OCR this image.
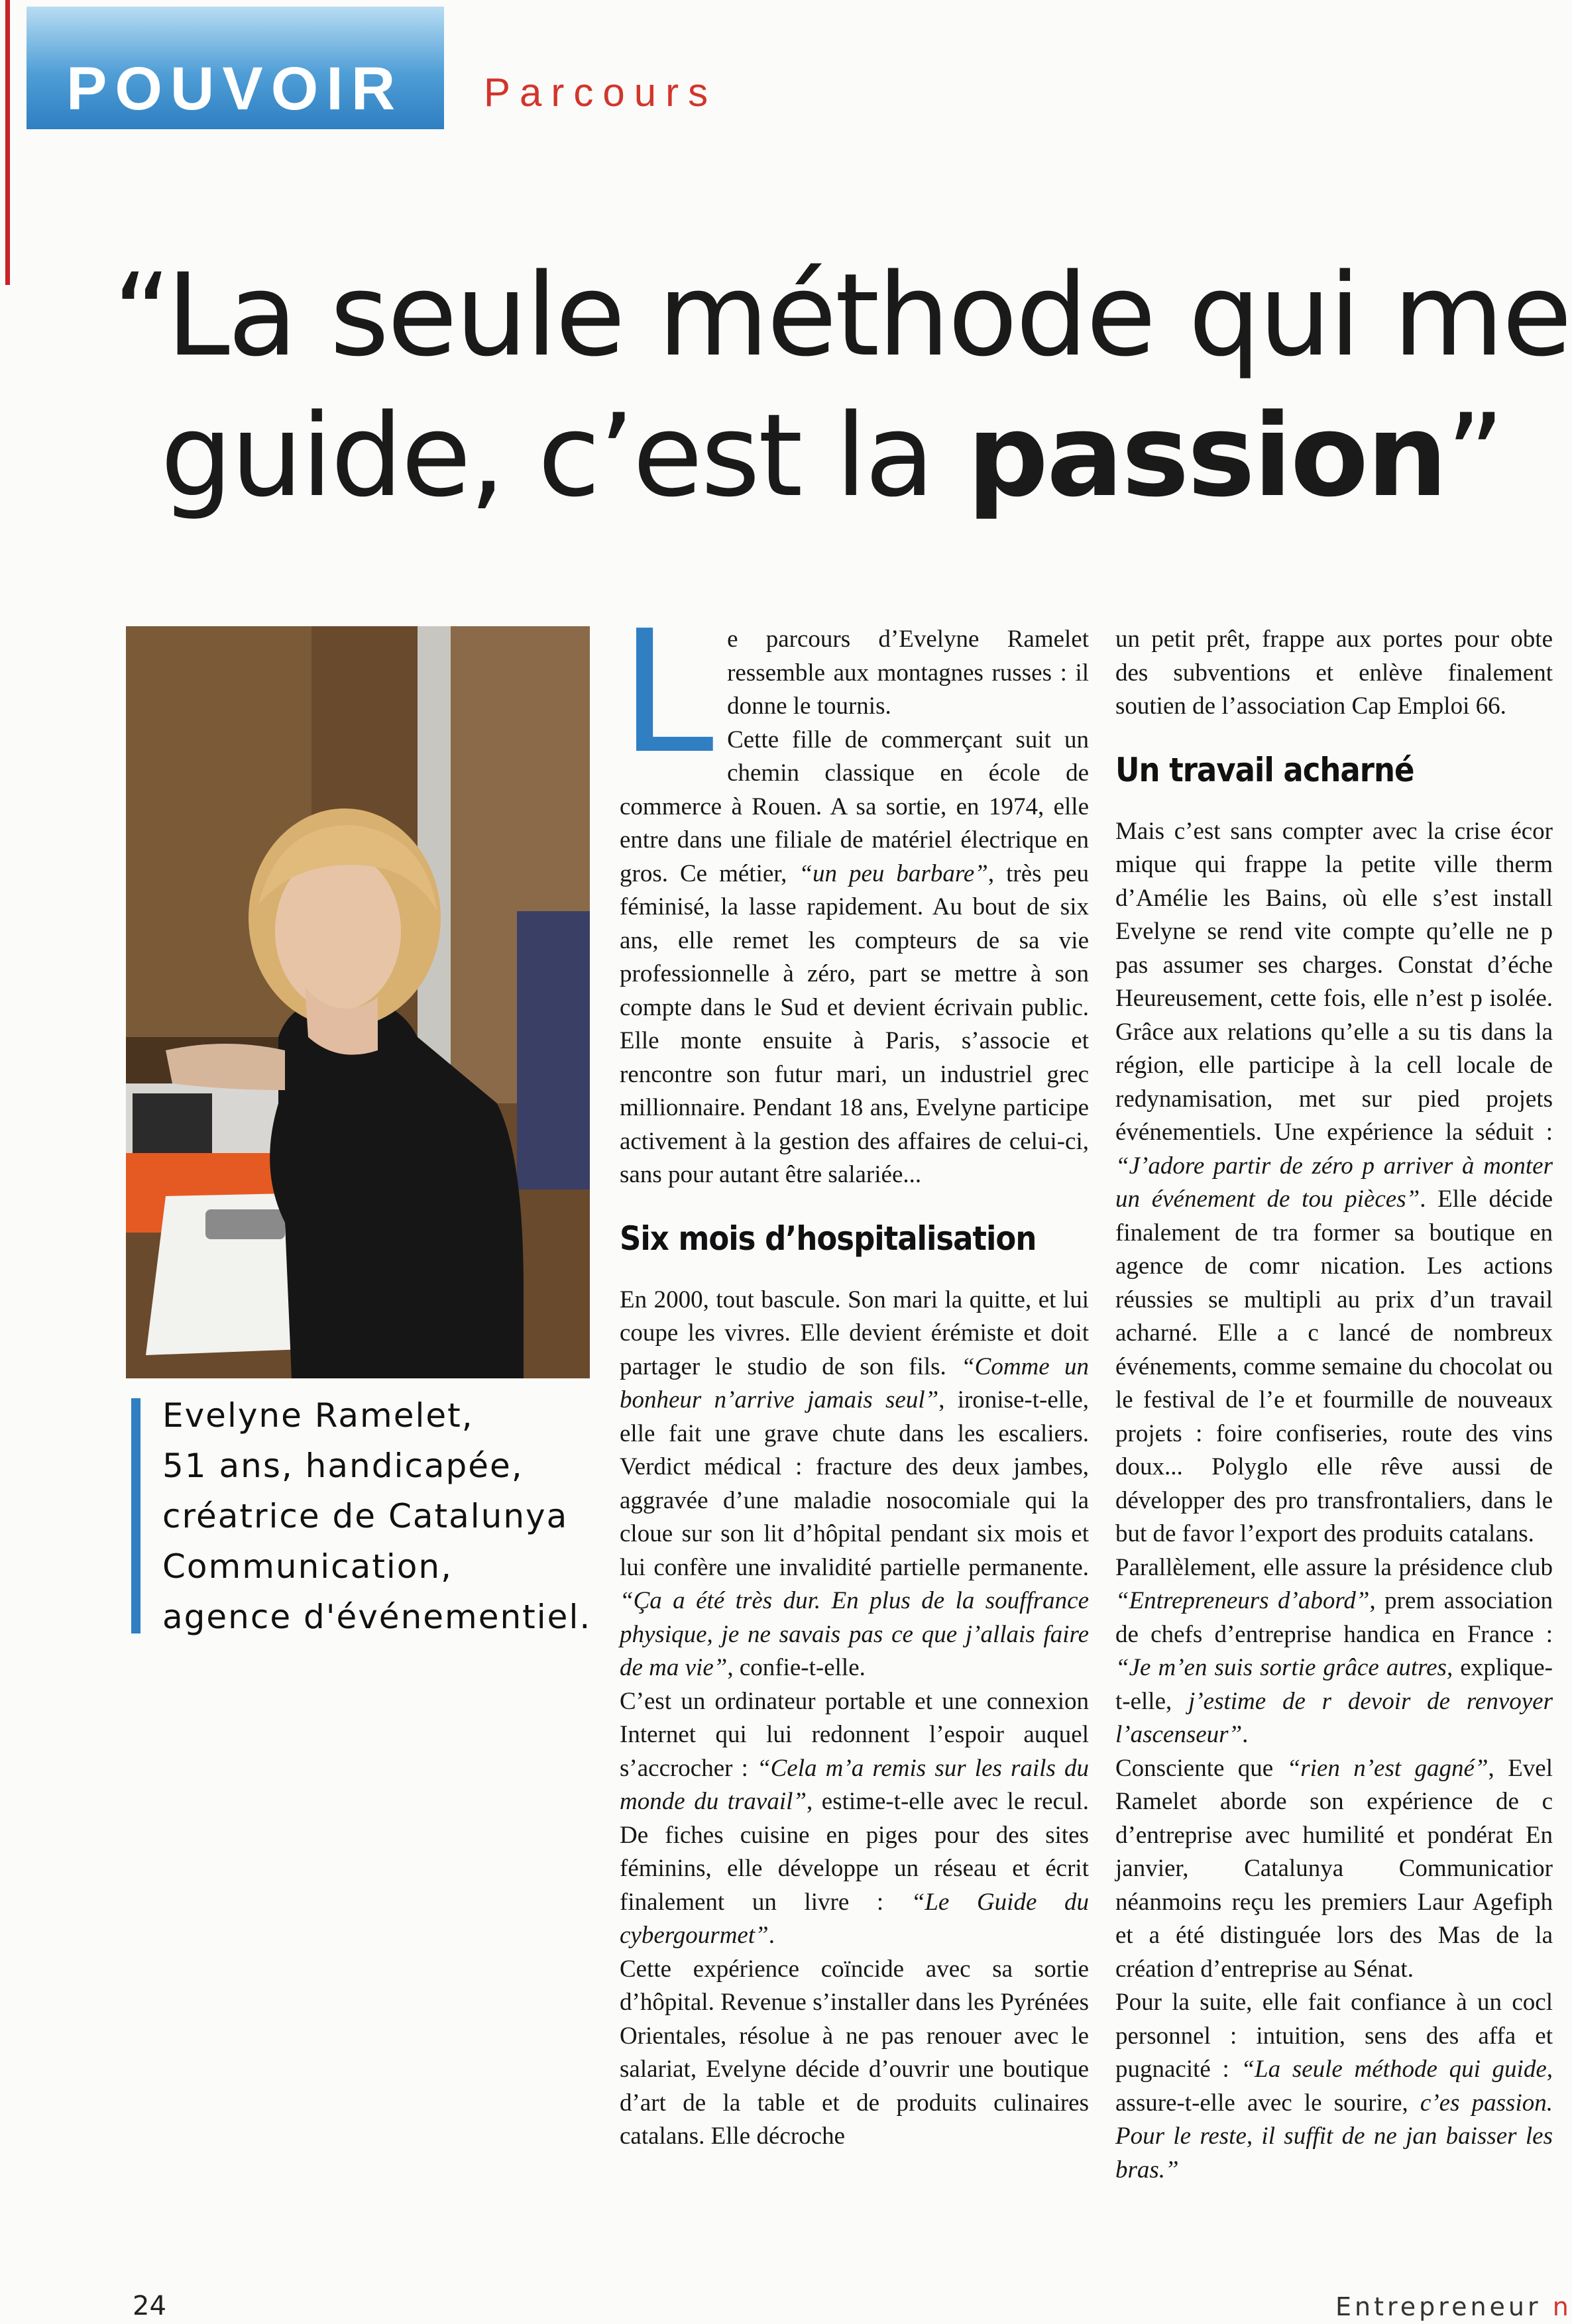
POUVOIR Parcours
“La seule méthode qui me
guide, c’est la passion”
Evelyne Ramelet,
51 ans, handicapée,
créatrice de Catalunya
Communication,
agence d'événementiel.
L e parcours d’Evelyne Ramelet ressemble aux montagnes russes : il donne le tournis.

Cette fille de commerçant suit un chemin classique en école de commerce à Rouen. A sa sortie, en 1974, elle entre dans une filiale de matériel électrique en gros. Ce métier, “un peu barbare”, très peu féminisé, la lasse rapidement. Au bout de six ans, elle remet les compteurs de sa vie professionnelle à zéro, part se mettre à son compte dans le Sud et devient écrivain public. Elle monte ensuite à Paris, s’associe et rencontre son futur mari, un industriel grec millionnaire. Pendant 18 ans, Evelyne participe activement à la gestion des affaires de celui-ci, sans pour autant être salariée...

Six mois d’hospitalisation

En 2000, tout bascule. Son mari la quitte, et lui coupe les vivres. Elle devient érémiste et doit partager le studio de son fils. “Comme un bonheur n’arrive jamais seul”, ironise-t-elle, elle fait une grave chute dans les escaliers. Verdict médical : fracture des deux jambes, aggravée d’une maladie nosocomiale qui la cloue sur son lit d’hôpital pendant six mois et lui confère une invalidité partielle permanente. “Ça a été très dur. En plus de la souffrance physique, je ne savais pas ce que j’allais faire de ma vie”, confie-t-elle.

C’est un ordinateur portable et une connexion Internet qui lui redonnent l’espoir auquel s’accrocher : “Cela m’a remis sur les rails du monde du travail”, estime-t-elle avec le recul. De fiches cuisine en piges pour des sites féminins, elle développe un réseau et écrit finalement un livre : “Le Guide du cybergourmet”.

Cette expérience coïncide avec sa sortie d’hôpital. Revenue s’installer dans les Pyrénées Orientales, résolue à ne pas renouer avec le salariat, Evelyne décide d’ouvrir une boutique d’art de la table et de produits culinaires catalans. Elle décroche

un petit prêt, frappe aux portes pour obte des subventions et enlève finalement soutien de l’association Cap Emploi 66.

Un travail acharné

Mais c’est sans compter avec la crise écor mique qui frappe la petite ville therm d’Amélie les Bains, où elle s’est install Evelyne se rend vite compte qu’elle ne p pas assumer ses charges. Constat d’éche Heureusement, cette fois, elle n’est p isolée. Grâce aux relations qu’elle a su tis dans la région, elle participe à la cell locale de redynamisation, met sur pied projets événementiels. Une expérience la séduit : “J’adore partir de zéro p arriver à monter un événement de tou pièces”. Elle décide finalement de tra former sa boutique en agence de comr nication. Les actions réussies se multipli au prix d’un travail acharné. Elle a c lancé de nombreux événements, comme semaine du chocolat ou le festival de l’e et fourmille de nouveaux projets : foire confiseries, route des vins doux... Polyglo elle rêve aussi de développer des pro transfrontaliers, dans le but de favor l’export des produits catalans.

Parallèlement, elle assure la présidence club “Entrepreneurs d’abord”, prem association de chefs d’entreprise handica en France : “Je m’en suis sortie grâce autres, explique-t-elle, j’estime de r devoir de renvoyer l’ascenseur”.

Consciente que “rien n’est gagné”, Evel Ramelet aborde son expérience de c d’entreprise avec humilité et pondérat En janvier, Catalunya Communicatior néanmoins reçu les premiers Laur Agefiph et a été distinguée lors des Mas de la création d’entreprise au Sénat.

Pour la suite, elle fait confiance à un cocl personnel : intuition, sens des affa et pugnacité : “La seule méthode qui guide, assure-t-elle avec le sourire, c’es passion. Pour le reste, il suffit de ne jan baisser les bras.”

24	Entrepreneur n
